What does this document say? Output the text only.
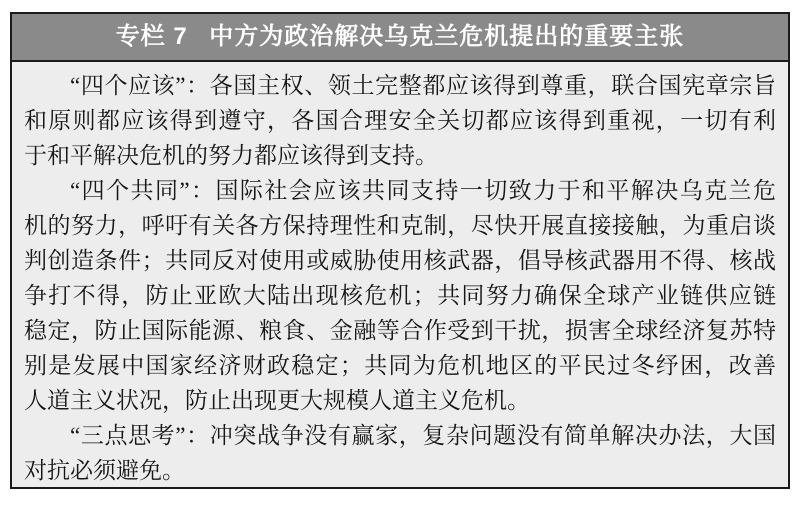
专栏 7 中方为政治解决乌克兰危机提出的重要主张
“四个应该”：各国主权、领土完整都应该得到尊重，联合国宪章宗旨
和原则都应该得到遵守，各国合理安全关切都应该得到重视，一切有利
于和平解决危机的努力都应该得到支持。
“四个共同”：国际社会应该共同支持一切致力于和平解决乌克兰危
机的努力，呼吁有关各方保持理性和克制，尽快开展直接接触，为重启谈
判创造条件；共同反对使用或威胁使用核武器，倡导核武器用不得、核战
争打不得，防止亚欧大陆出现核危机；共同努力确保全球产业链供应链
稳定，防止国际能源、粮食、金融等合作受到干扰，损害全球经济复苏特
别是发展中国家经济财政稳定；共同为危机地区的平民过冬纾困，改善
人道主义状况，防止出现更大规模人道主义危机。
“三点思考”：冲突战争没有赢家，复杂问题没有简单解决办法，大国
对抗必须避免。
